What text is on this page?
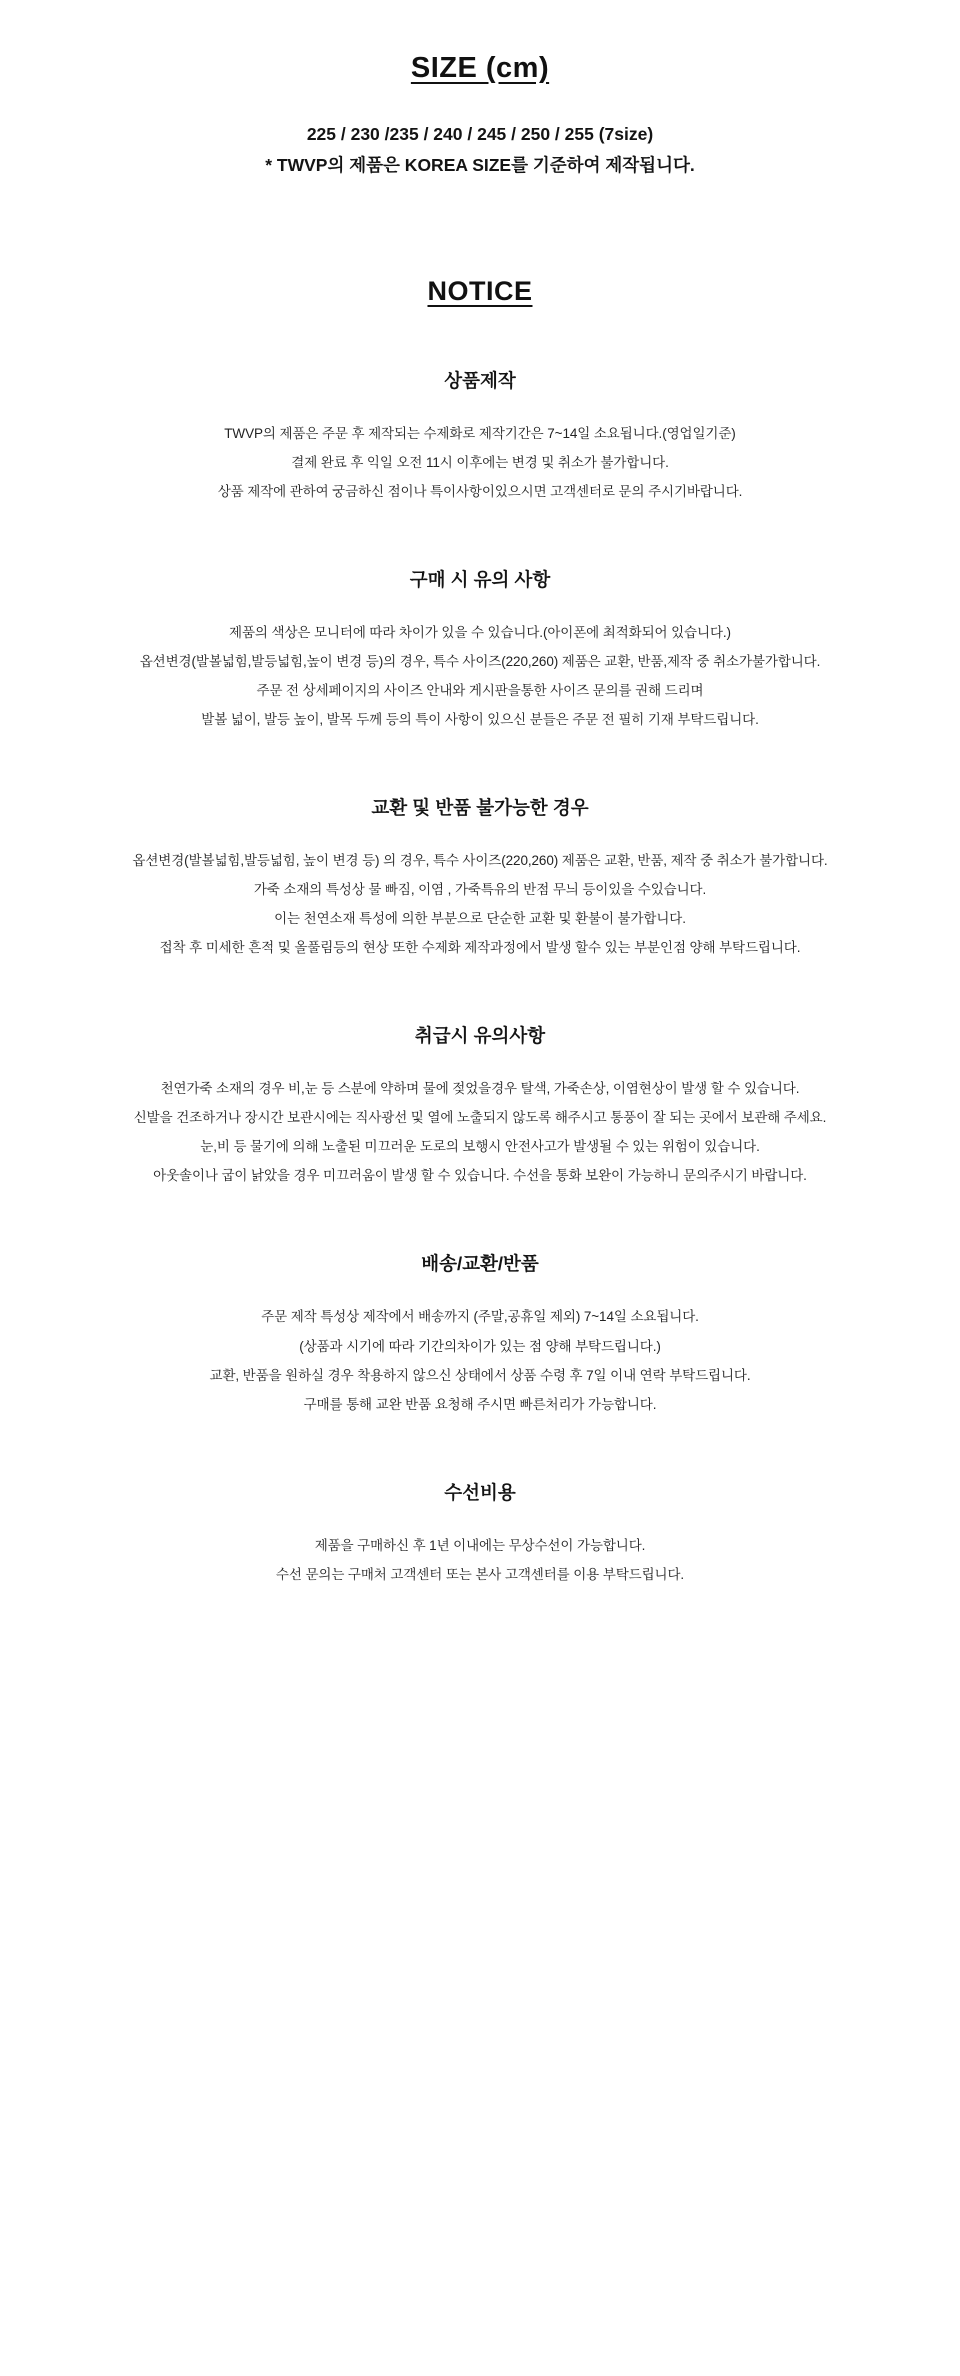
SIZE (cm)
225 / 230 /235 / 240 / 245 / 250 / 255 (7size)
* TWVP의 제품은 KOREA SIZE를 기준하여 제작됩니다.
NOTICE
상품제작
TWVP의 제품은 주문 후 제작되는 수제화로 제작기간은 7~14일 소요됩니다.(영업일기준)
결제 완료 후 익일 오전 11시 이후에는 변경 및 취소가 불가합니다.
상품 제작에 관하여 궁금하신 점이나 특이사항이있으시면 고객센터로 문의 주시기바랍니다.
구매 시 유의 사항
제품의 색상은 모니터에 따라 차이가 있을 수 있습니다.(아이폰에 최적화되어 있습니다.)
옵션변경(발볼넓힘,발등넓힘,높이 변경 등)의 경우, 특수 사이즈(220,260) 제품은 교환, 반품,제작 중 취소가불가합니다.
주문 전 상세페이지의 사이즈 안내와 게시판을통한 사이즈 문의를 권해 드리며
발볼 넓이, 발등 높이, 발목 두께 등의 특이 사항이 있으신 분들은 주문 전 필히 기재 부탁드립니다.
교환 및 반품 불가능한 경우
옵션변경(발볼넓힘,발등넓힘, 높이 변경 등) 의 경우, 특수 사이즈(220,260) 제품은 교환, 반품, 제작 중 취소가 불가합니다.
가죽 소재의 특성상 물 빠짐, 이염 , 가죽특유의 반점 무늬 등이있을 수있습니다.
이는 천연소재 특성에 의한 부분으로 단순한 교환 및 환불이 불가합니다.
접착 후 미세한 흔적 및 올풀림등의 현상 또한 수제화 제작과정에서 발생 할수 있는 부분인점 양해 부탁드립니다.
취급시 유의사항
천연가죽 소재의 경우 비,눈 등 스분에 약하며 물에 젖었을경우 탈색, 가죽손상, 이염현상이 발생 할 수 있습니다.
신발을 건조하거나 장시간 보관시에는 직사광선 및 열에 노출되지 않도록 해주시고 통풍이 잘 되는 곳에서 보관해 주세요.
눈,비 등 물기에 의해 노출된 미끄러운 도로의 보행시 안전사고가 발생될 수 있는 위험이 있습니다.
아웃솔이나 굽이 낡았을 경우 미끄러움이 발생 할 수 있습니다. 수선을 통화 보완이 가능하니 문의주시기 바랍니다.
배송/교환/반품
주문 제작 특성상 제작에서 배송까지 (주말,공휴일 제외) 7~14일 소요됩니다.
(상품과 시기에 따라 기간의차이가 있는 점 양해 부탁드립니다.)
교환, 반품을 원하실 경우 착용하지 않으신 상태에서 상품 수령 후 7일 이내 연락 부탁드립니다.
구매를 통해 교완 반품 요청해 주시면 빠른처리가 가능합니다.
수선비용
제품을 구매하신 후 1년 이내에는 무상수선이 가능합니다.
수선 문의는 구매처 고객센터 또는 본사 고객센터를 이용 부탁드립니다.
